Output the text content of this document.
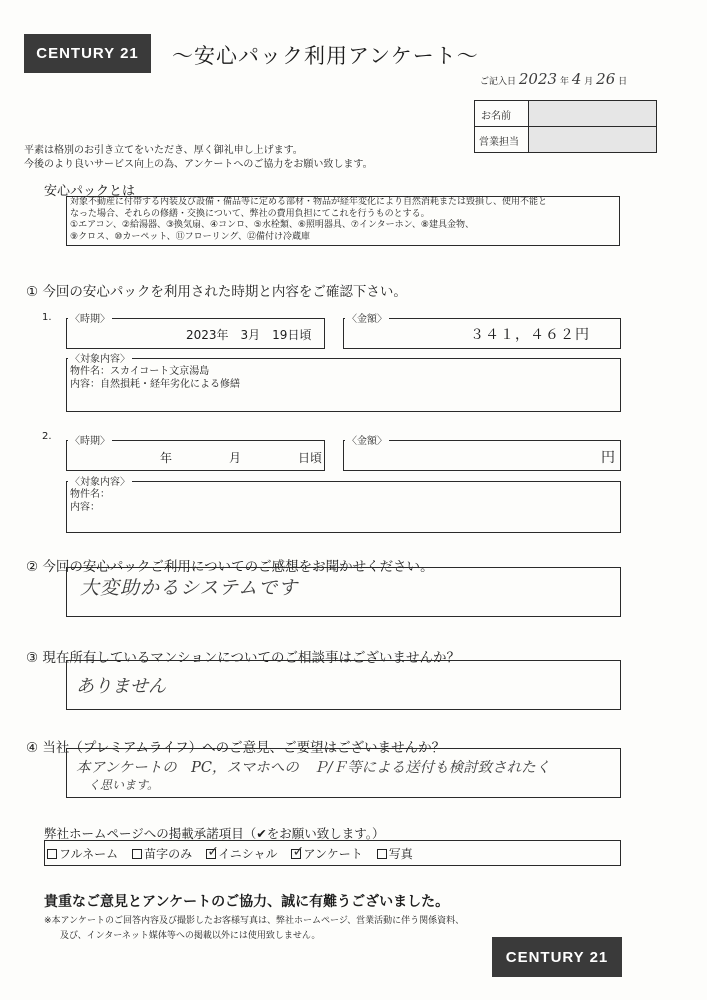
CENTURY 21	～安心パック利用アンケート～
ご記入日 2023 年 4 月 26 日
お名前
営業担当
平素は格別のお引き立てをいただき、厚く御礼申し上げます。
今後のより良いサービス向上の為、アンケートへのご協力をお願い致します。
安心パックとは
対象不動産に付帯する内装及び設備・備品等に定める部材・物品が経年変化により自然消耗または毀損し、使用不能と
なった場合、それらの修繕・交換について、弊社の費用負担にてこれを行うものとする。
①エアコン、②給湯器、③換気扇、④コンロ、⑤水栓類、⑥照明器具、⑦インターホン、⑧建具金物、
⑨クロス、⑩カーペット、⑪フローリング、⑫備付け冷蔵庫
① 今回の安心パックを利用された時期と内容をご確認下さい。
1. 〈時期〉
2023年　3月　19日頃
〈金額〉
３４１，４６２円
〈対象内容〉
物件名：スカイコート文京湯島
内容：自然損耗・経年劣化による修繕
2. 〈時期〉
年	月	日頃
〈金額〉
円
〈対象内容〉
物件名：
内容：
② 今回の安心パックご利用についてのご感想をお聞かせください。
大変助かるシステムです
③ 現在所有しているマンションについてのご相談事はございませんか？
ありません
④ 当社（プレミアムライフ）へのご意見、ご要望はございませんか？
本アンケートの　PC，スマホへの　Ｐ/Ｆ等による送付も検討致されたく
く思います。
弊社ホームページへの掲載承諾項目（✔をお願い致します。）
フルネーム	苗字のみ ✓	イニシャル ✓	アンケート	写真
貴重なご意見とアンケートのご協力、誠に有難うございました。
※本アンケートのご回答内容及び撮影したお客様写真は、弊社ホームページ、営業活動に伴う関係資料、
及び、インターネット媒体等への掲載以外には使用致しません。
CENTURY 21
